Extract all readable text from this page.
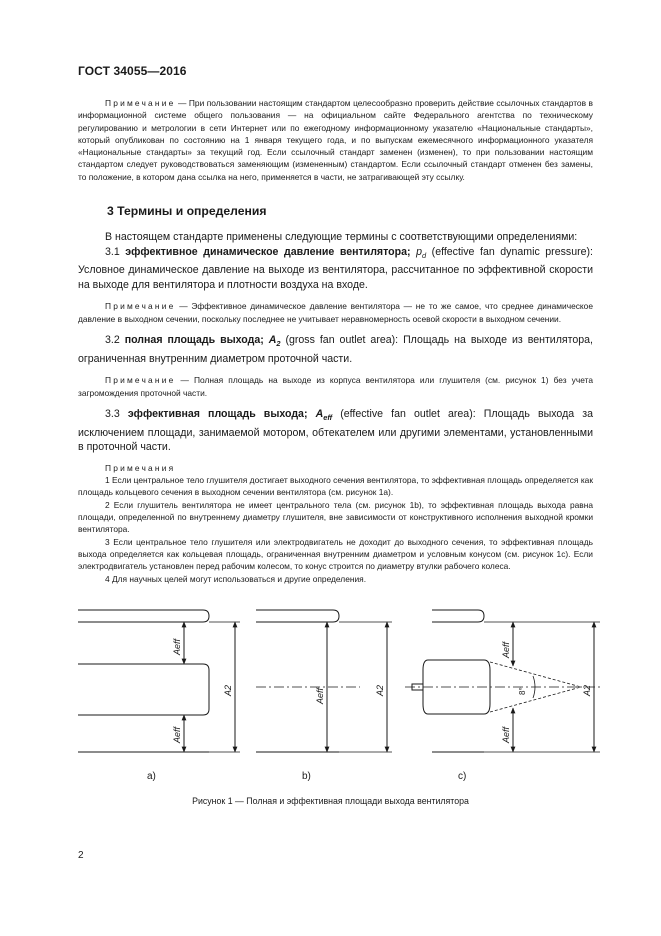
ГОСТ 34055—2016

Примечание — При пользовании настоящим стандартом целесообразно проверить действие ссылочных стандартов в информационной системе общего пользования — на официальном сайте Федерального агентства по техническому регулированию и метрологии в сети Интернет или по ежегодному информационному указателю «Национальные стандарты», который опубликован по состоянию на 1 января текущего года, и по выпускам ежемесячного информационного указателя «Национальные стандарты» за текущий год. Если ссылочный стандарт заменен (изменен), то при пользовании настоящим стандартом следует руководствоваться заменяющим (измененным) стандартом. Если ссылочный стандарт отменен без замены, то положение, в котором дана ссылка на него, применяется в части, не затрагивающей эту ссылку.

3 Термины и определения

В настоящем стандарте применены следующие термины с соответствующими определениями:

3.1 эффективное динамическое давление вентилятора; $p_d$ (effective fan dynamic pressure): Условное динамическое давление на выходе из вентилятора, рассчитанное по эффективной скорости на выходе для вентилятора и плотности воздуха на входе.

Примечание — Эффективное динамическое давление вентилятора — не то же самое, что среднее динамическое давление в выходном сечении, поскольку последнее не учитывает неравномерность осевой скорости в выходном сечении.

3.2 полная площадь выхода; $A_2$ (gross fan outlet area): Площадь на выходе из вентилятора, ограниченная внутренним диаметром проточной части.

Примечание — Полная площадь на выходе из корпуса вентилятора или глушителя (см. рисунок 1) без учета загромождения проточной части.

3.3 эффективная площадь выхода; $A_{eff}$ (effective fan outlet area): Площадь выхода за исключением площади, занимаемой мотором, обтекателем или другими элементами, установленными в проточной части.

Примечания

1 Если центральное тело глушителя достигает выходного сечения вентилятора, то эффективная площадь определяется как площадь кольцевого сечения в выходном сечении вентилятора (см. рисунок 1а).

2 Если глушитель вентилятора не имеет центрального тела (см. рисунок 1b), то эффективная площадь выхода равна площади, определенной по внутреннему диаметру глушителя, вне зависимости от конструктивного исполнения выходной кромки вентилятора.

3 Если центральное тело глушителя или электродвигатель не доходит до выходного сечения, то эффективная площадь выхода определяется как кольцевая площадь, ограниченная внутренним диаметром и условным конусом (см. рисунок 1с). Если электродвигатель установлен перед рабочим колесом, то конус строится по диаметру втулки рабочего колеса.

4 Для научных целей могут использоваться и другие определения.

Aeff
Aeff
A2	Aeff	A2
Aeff
Aeff
A2
8°
a)	b)	c)
Рисунок 1 — Полная и эффективная площади выхода вентилятора
2
